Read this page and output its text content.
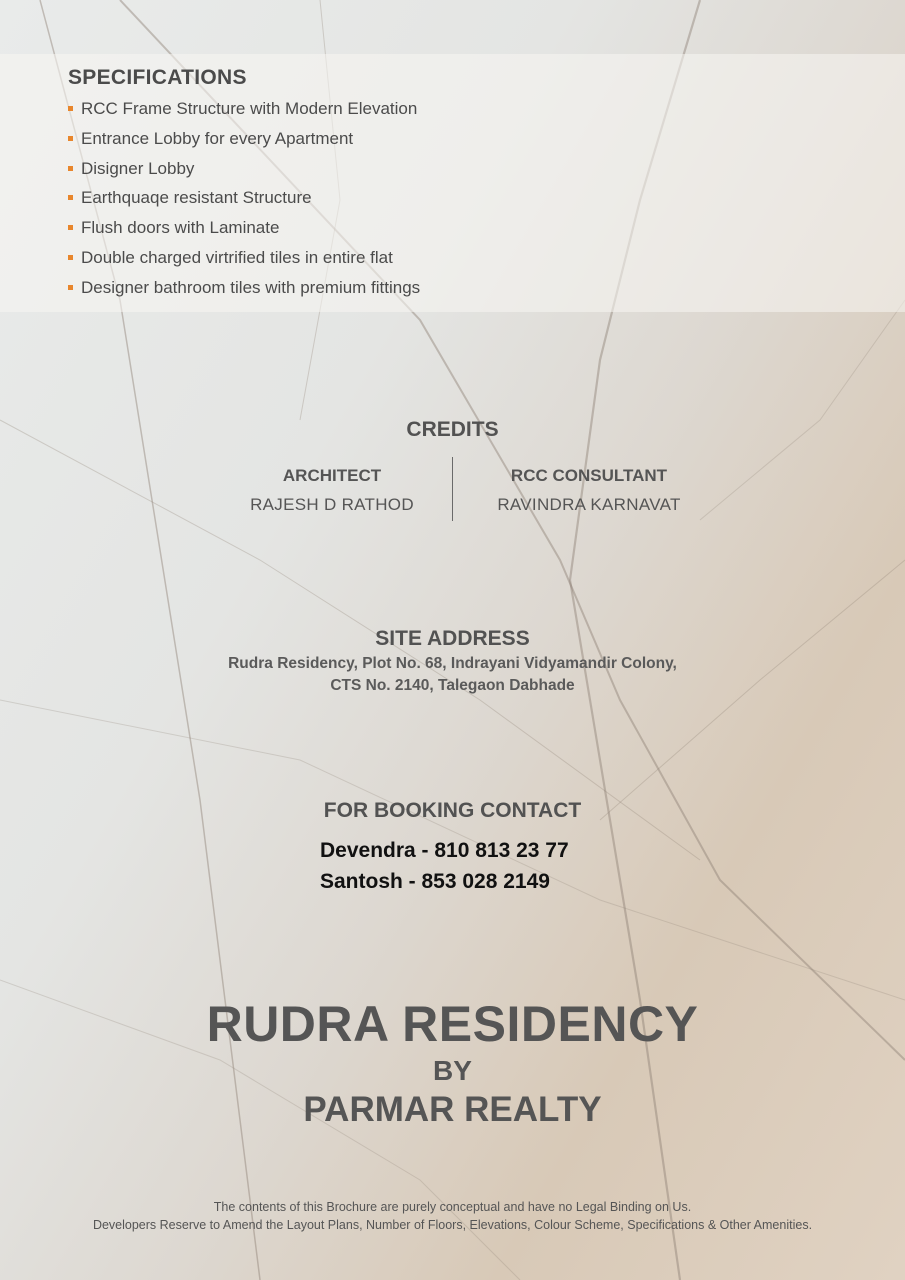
SPECIFICATIONS
RCC Frame Structure with Modern Elevation
Entrance Lobby for every Apartment
Disigner Lobby
Earthquaqe resistant Structure
Flush doors with Laminate
Double charged virtrified tiles in entire flat
Designer bathroom tiles with premium fittings
CREDITS
ARCHITECT
RAJESH D RATHOD
RCC CONSULTANT
RAVINDRA KARNAVAT
SITE ADDRESS
Rudra Residency, Plot No. 68, Indrayani Vidyamandir Colony,
CTS No. 2140, Talegaon Dabhade
FOR BOOKING CONTACT
Devendra - 810 813 23 77
Santosh - 853 028 2149
RUDRA RESIDENCY
BY
PARMAR REALTY
The contents of this Brochure are purely conceptual and have no Legal Binding on Us.
Developers Reserve to Amend the Layout Plans, Number of Floors, Elevations, Colour Scheme, Specifications & Other Amenities.
